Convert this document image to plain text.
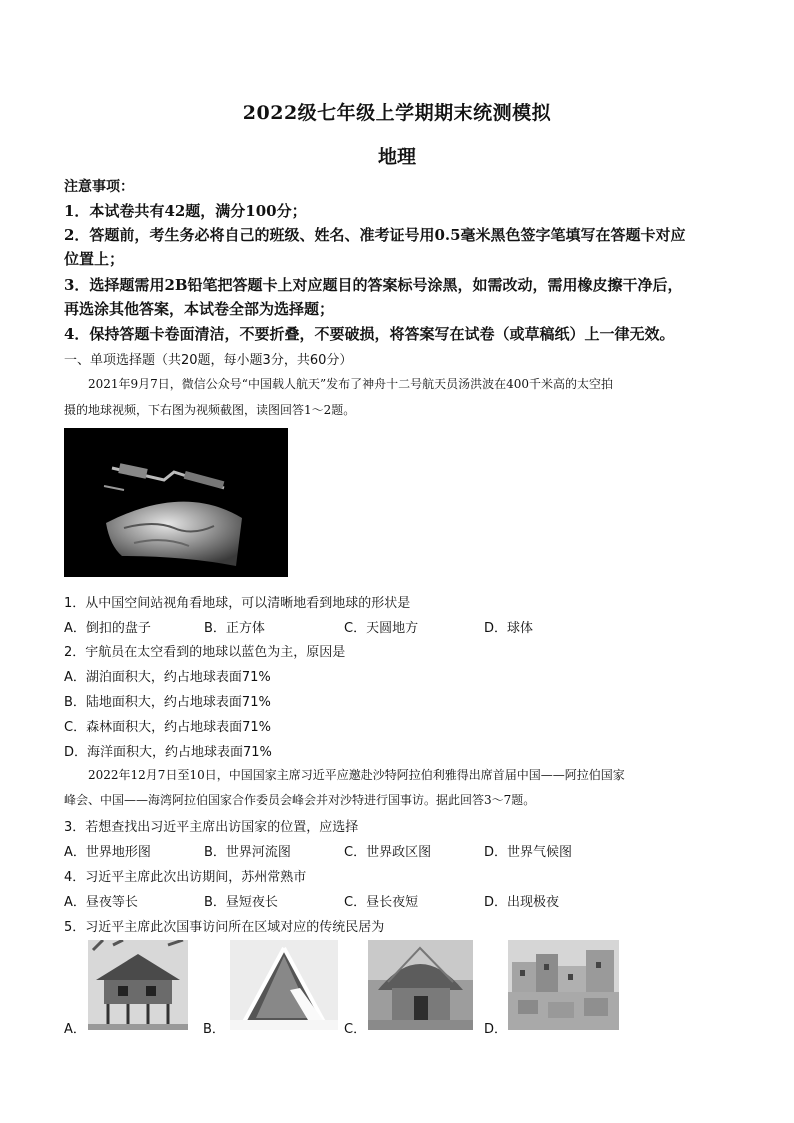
2022级七年级上学期期末统测模拟
地理
注意事项：
1．本试卷共有42题，满分100分；
2．答题前，考生务必将自己的班级、姓名、准考证号用0.5毫米黑色签字笔填写在答题卡对应
位置上；
3．选择题需用2B铅笔把答题卡上对应题目的答案标号涂黑，如需改动，需用橡皮擦干净后，
再选涂其他答案，本试卷全部为选择题；
4．保持答题卡卷面清洁，不要折叠，不要破损，将答案写在试卷（或草稿纸）上一律无效。
一、单项选择题（共20题，每小题3分，共60分）
2021年9月7日，微信公众号“中国载人航天”发布了神舟十二号航天员汤洪波在400千米高的太空拍
摄的地球视频，下右图为视频截图，读图回答1～2题。
1．从中国空间站视角看地球，可以清晰地看到地球的形状是
A．倒扣的盘子	B．正方体	C．天圆地方	D．球体
2．宇航员在太空看到的地球以蓝色为主，原因是
A．湖泊面积大，约占地球表面71%
B．陆地面积大，约占地球表面71%
C．森林面积大，约占地球表面71%
D．海洋面积大，约占地球表面71%
2022年12月7日至10日，中国国家主席习近平应邀赴沙特阿拉伯利雅得出席首届中国——阿拉伯国家
峰会、中国——海湾阿拉伯国家合作委员会峰会并对沙特进行国事访。据此回答3～7题。
3．若想查找出习近平主席出访国家的位置，应选择
A．世界地形图	B．世界河流图	C．世界政区图	D．世界气候图
4．习近平主席此次出访期间，苏州常熟市
A．昼夜等长	B．昼短夜长	C．昼长夜短	D．出现极夜
5．习近平主席此次国事访问所在区域对应的传统民居为
A．	B．	C．	D．
